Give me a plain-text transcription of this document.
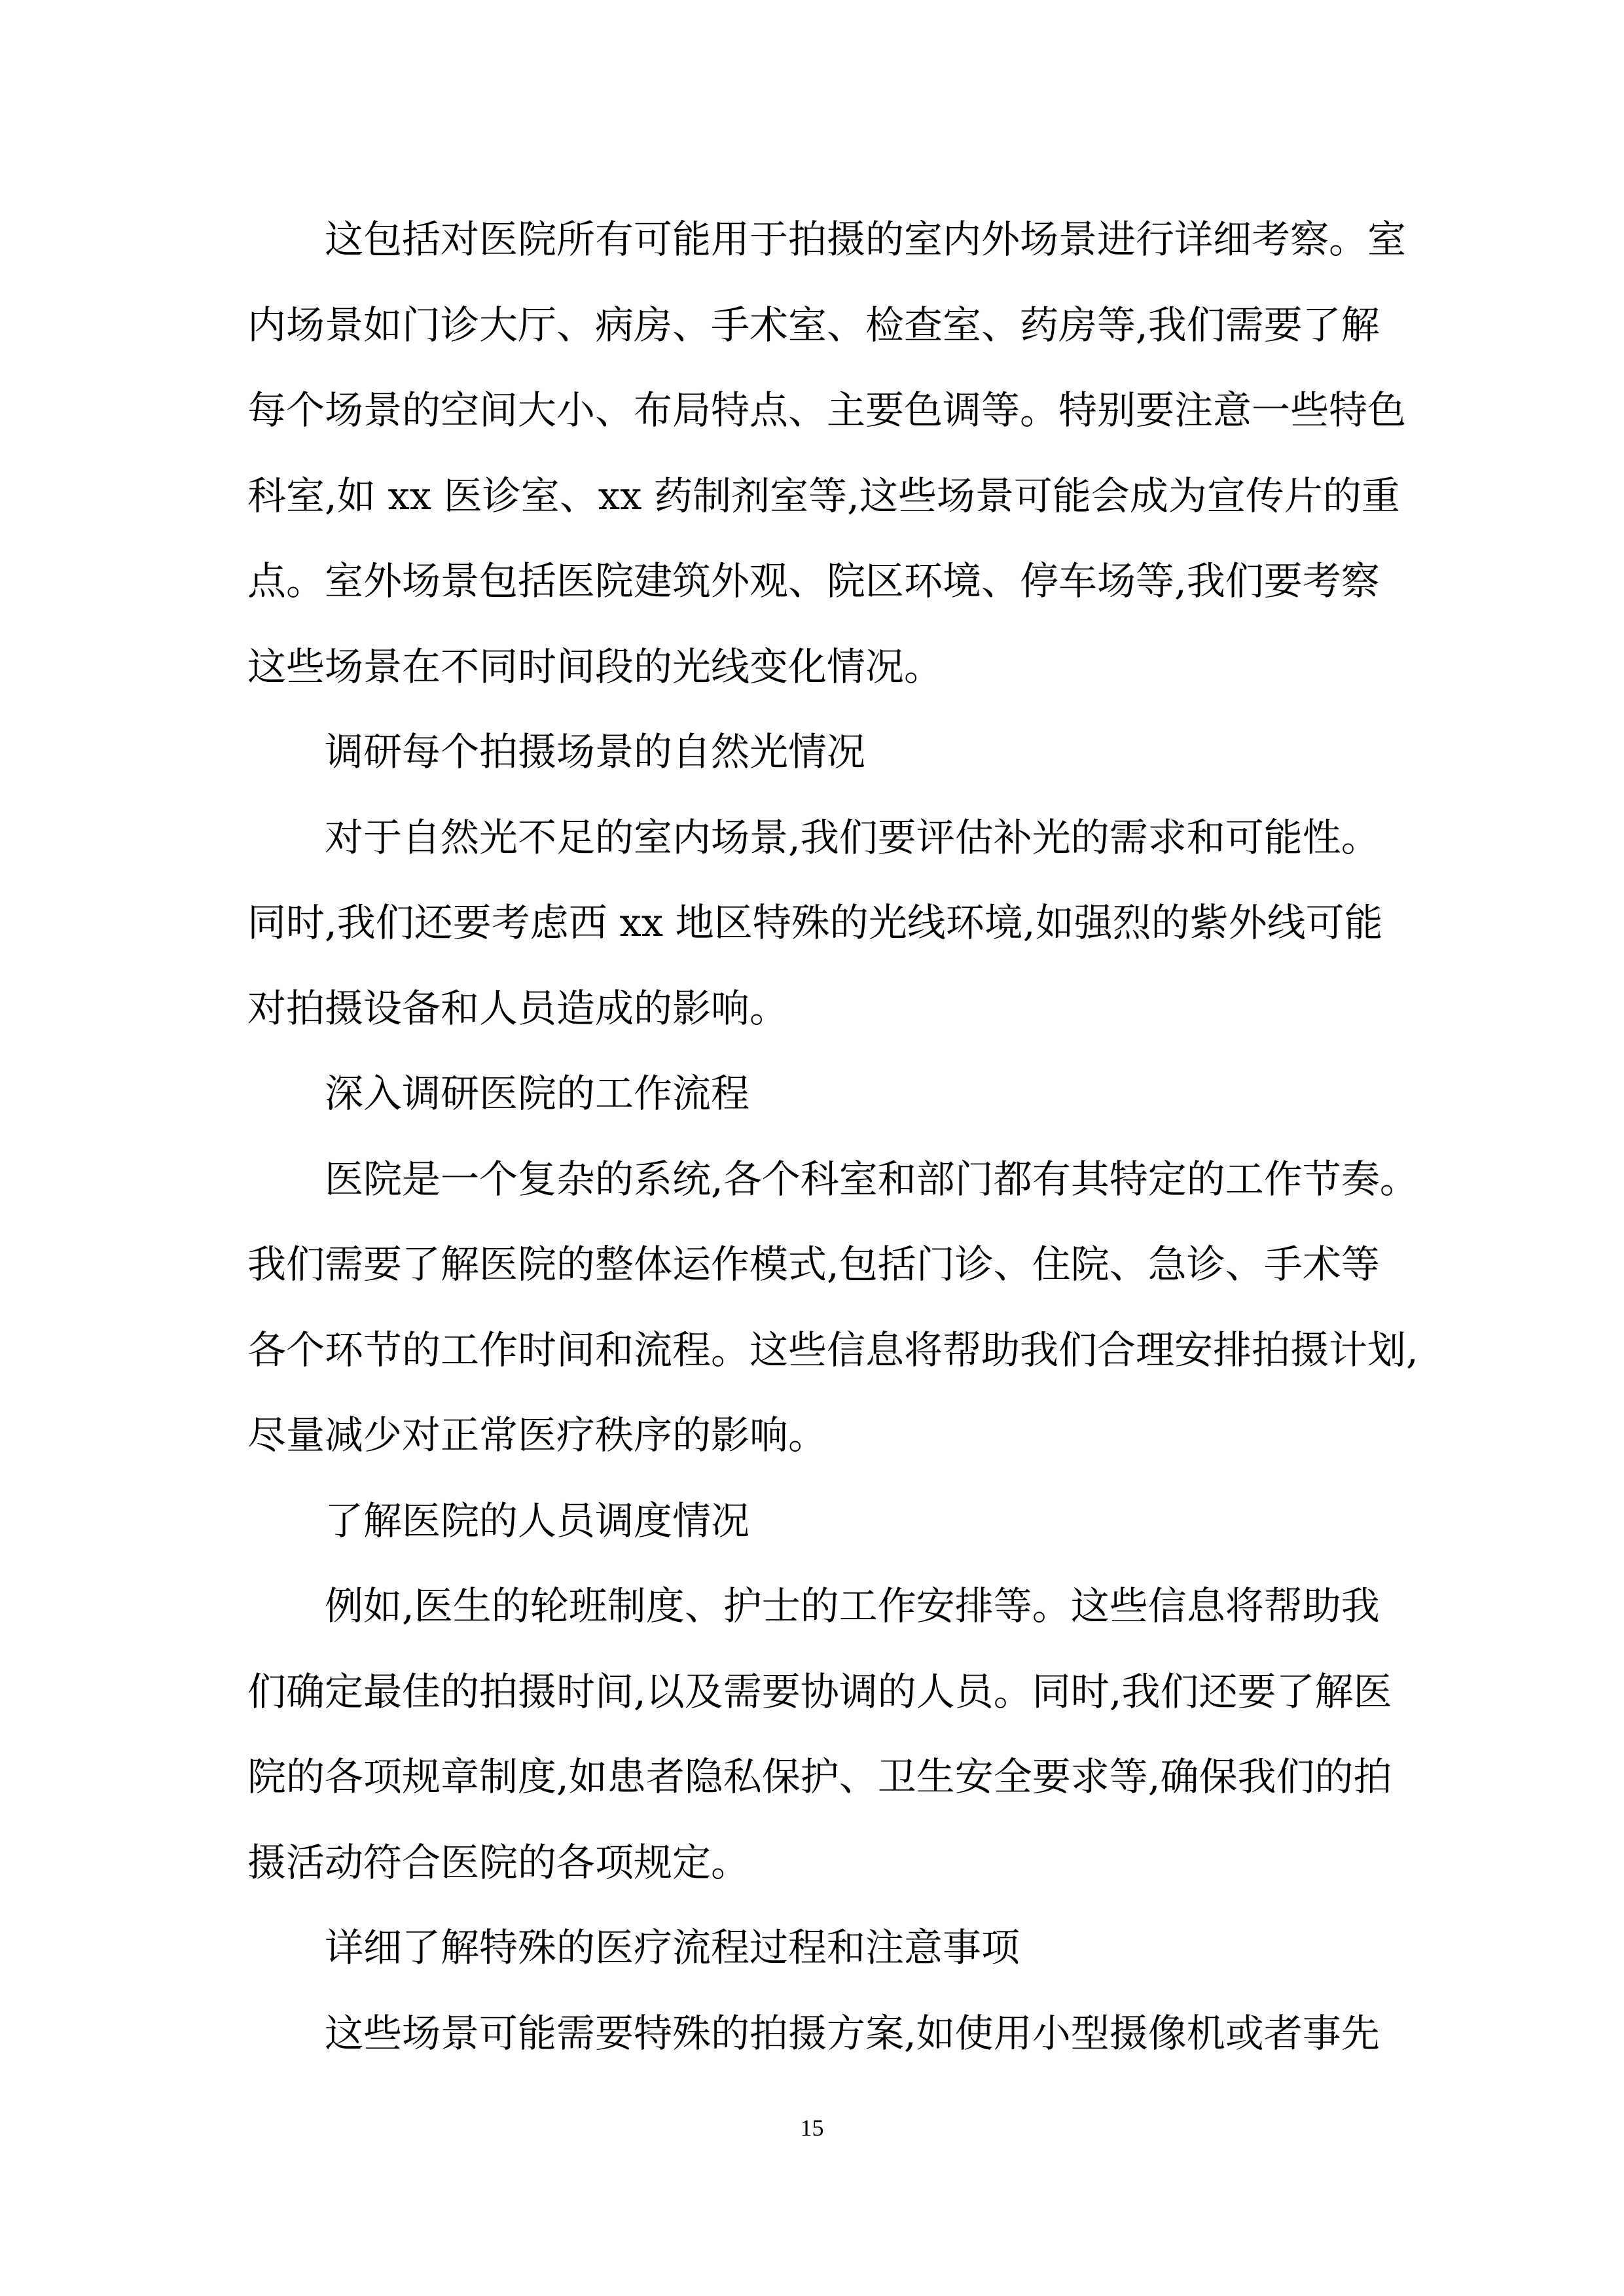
这包括对医院所有可能用于拍摄的室内外场景进行详细考察。室
内场景如门诊大厅、病房、手术室、检查室、药房等,我们需要了解
每个场景的空间大小、布局特点、主要色调等。特别要注意一些特色
科室,如 xx 医诊室、xx 药制剂室等,这些场景可能会成为宣传片的重
点。室外场景包括医院建筑外观、院区环境、停车场等,我们要考察
这些场景在不同时间段的光线变化情况。
调研每个拍摄场景的自然光情况
对于自然光不足的室内场景,我们要评估补光的需求和可能性。
同时,我们还要考虑西 xx 地区特殊的光线环境,如强烈的紫外线可能
对拍摄设备和人员造成的影响。
深入调研医院的工作流程
医院是一个复杂的系统,各个科室和部门都有其特定的工作节奏。
我们需要了解医院的整体运作模式,包括门诊、住院、急诊、手术等
各个环节的工作时间和流程。这些信息将帮助我们合理安排拍摄计划,
尽量减少对正常医疗秩序的影响。
了解医院的人员调度情况
例如,医生的轮班制度、护士的工作安排等。这些信息将帮助我
们确定最佳的拍摄时间,以及需要协调的人员。同时,我们还要了解医
院的各项规章制度,如患者隐私保护、卫生安全要求等,确保我们的拍
摄活动符合医院的各项规定。
详细了解特殊的医疗流程过程和注意事项
这些场景可能需要特殊的拍摄方案,如使用小型摄像机或者事先
15
